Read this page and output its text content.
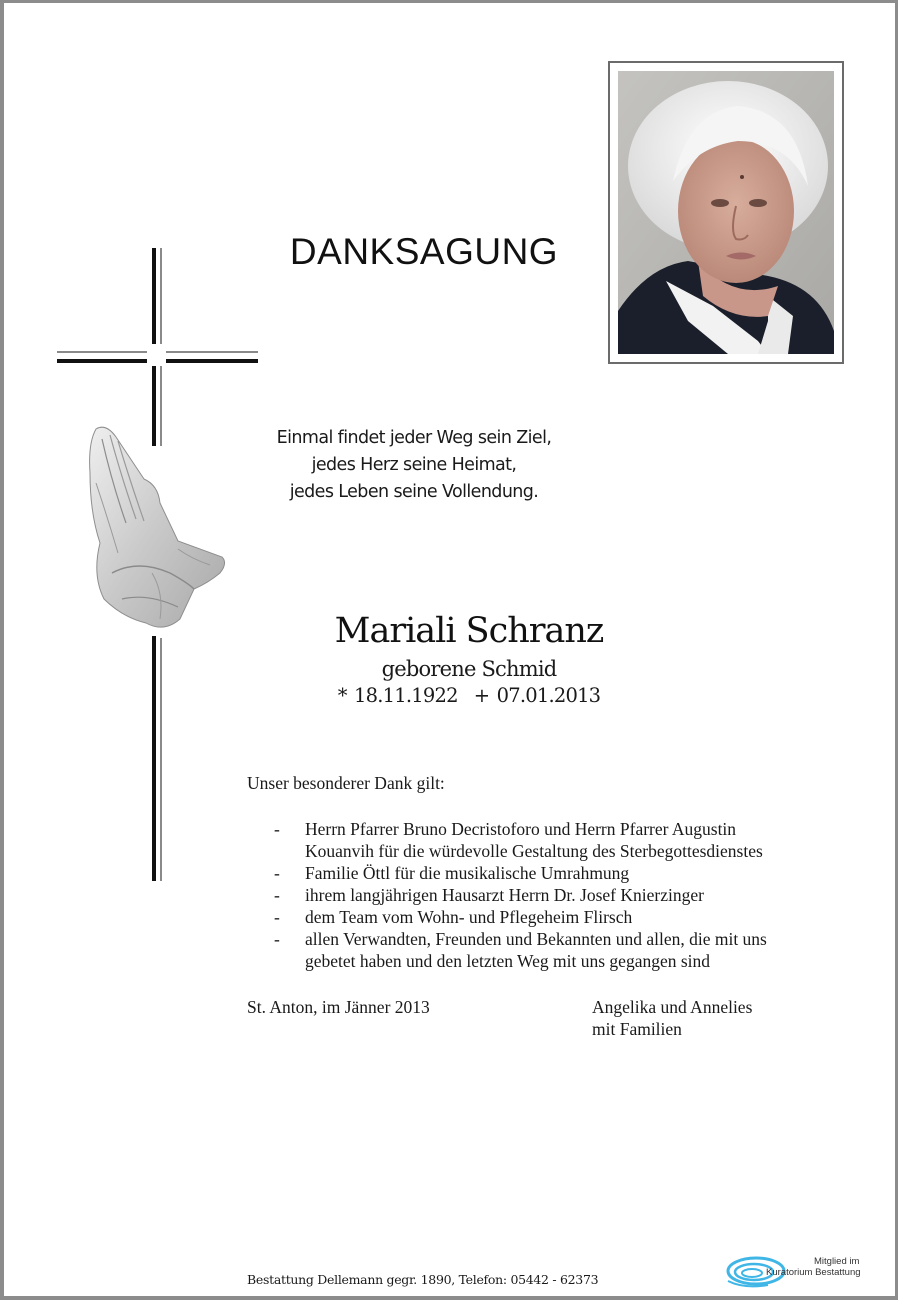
DANKSAGUNG
Einmal findet jeder Weg sein Ziel,
jedes Herz seine Heimat,
jedes Leben seine Vollendung.
Mariali Schranz
geborene Schmid
* 18.11.1922 + 07.01.2013
Unser besonderer Dank gilt:
- Herrn Pfarrer Bruno Decristoforo und Herrn Pfarrer Augustin
Kouanvih für die würdevolle Gestaltung des Sterbegottesdienstes
- Familie Öttl für die musikalische Umrahmung
- ihrem langjährigen Hausarzt Herrn Dr. Josef Knierzinger
- dem Team vom Wohn- und Pflegeheim Flirsch
- allen Verwandten, Freunden und Bekannten und allen, die mit uns
gebetet haben und den letzten Weg mit uns gegangen sind
St. Anton, im Jänner 2013	Angelika und Annelies
mit Familien
Bestattung Dellemann gegr. 1890, Telefon: 05442 - 62373
Mitglied im
Kuratorium Bestattung
